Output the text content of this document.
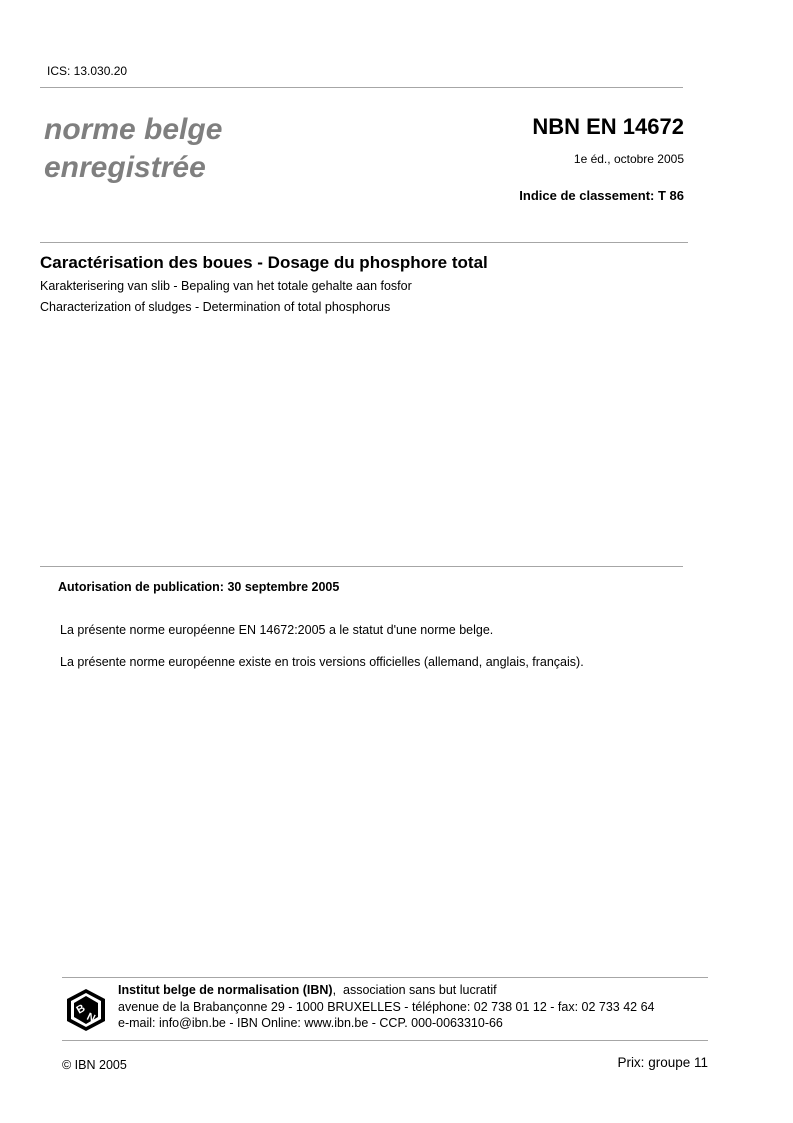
ICS: 13.030.20
norme belge
enregistrée
NBN EN 14672
1e éd., octobre 2005
Indice de classement: T 86
Caractérisation des boues - Dosage du phosphore total
Karakterisering van slib - Bepaling van het totale gehalte aan fosfor
Characterization of sludges - Determination of total phosphorus
Autorisation de publication: 30 septembre 2005
La présente norme européenne EN 14672:2005 a le statut d'une norme belge.
La présente norme européenne existe en trois versions officielles (allemand, anglais, français).
B
N
Institut belge de normalisation (IBN),  association sans but lucratif
avenue de la Brabançonne 29 - 1000 BRUXELLES - téléphone: 02 738 01 12 - fax: 02 733 42 64
e-mail: info@ibn.be - IBN Online: www.ibn.be - CCP. 000-0063310-66
© IBN 2005	Prix: groupe 11
